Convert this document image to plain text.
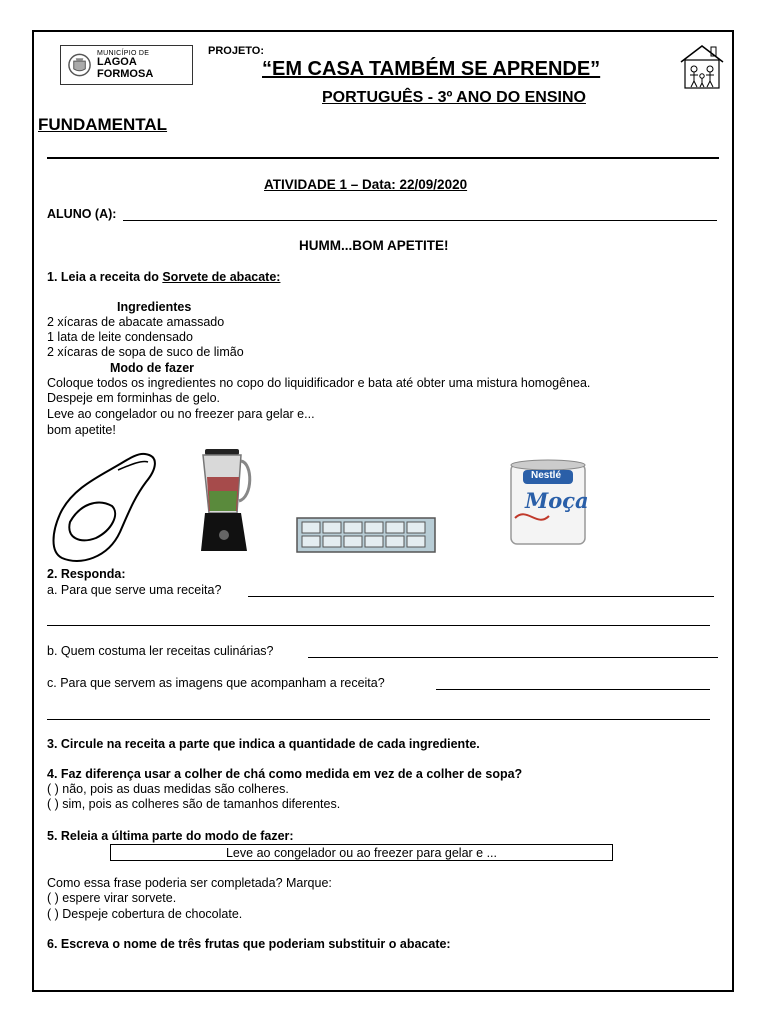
MUNICÍPIO DE
LAGOA FORMOSA
PROJETO:
“EM CASA TAMBÉM SE APRENDE”
PORTUGUÊS - 3º ANO DO ENSINO
FUNDAMENTAL
ATIVIDADE 1 – Data: 22/09/2020
ALUNO (A):
HUMM...BOM APETITE!
1. Leia a receita do Sorvete de abacate:
Ingredientes
2 xícaras de abacate amassado
1 lata de leite condensado
2 xícaras de sopa de suco de limão
Modo de fazer
Coloque todos os ingredientes no copo do liquidificador e bata até obter uma mistura homogênea.
Despeje em forminhas de gelo.
Leve ao congelador ou no freezer para gelar e...
bom apetite!
Nestlé
Moça
2. Responda:
a. Para que serve uma receita?
b. Quem costuma ler receitas culinárias?
c. Para que servem as imagens que acompanham a receita?
3. Circule na receita a parte que indica a quantidade de cada ingrediente.
4. Faz diferença usar a colher de chá como medida em vez de a colher de sopa?
( ) não, pois as duas medidas são colheres.
( ) sim, pois as colheres são de tamanhos diferentes.
5. Releia a última parte do modo de fazer:
Leve ao congelador ou ao freezer para gelar e ...
Como essa frase poderia ser completada? Marque:
( ) espere virar sorvete.
( ) Despeje cobertura de chocolate.
6. Escreva o nome de três frutas que poderiam substituir o abacate:
